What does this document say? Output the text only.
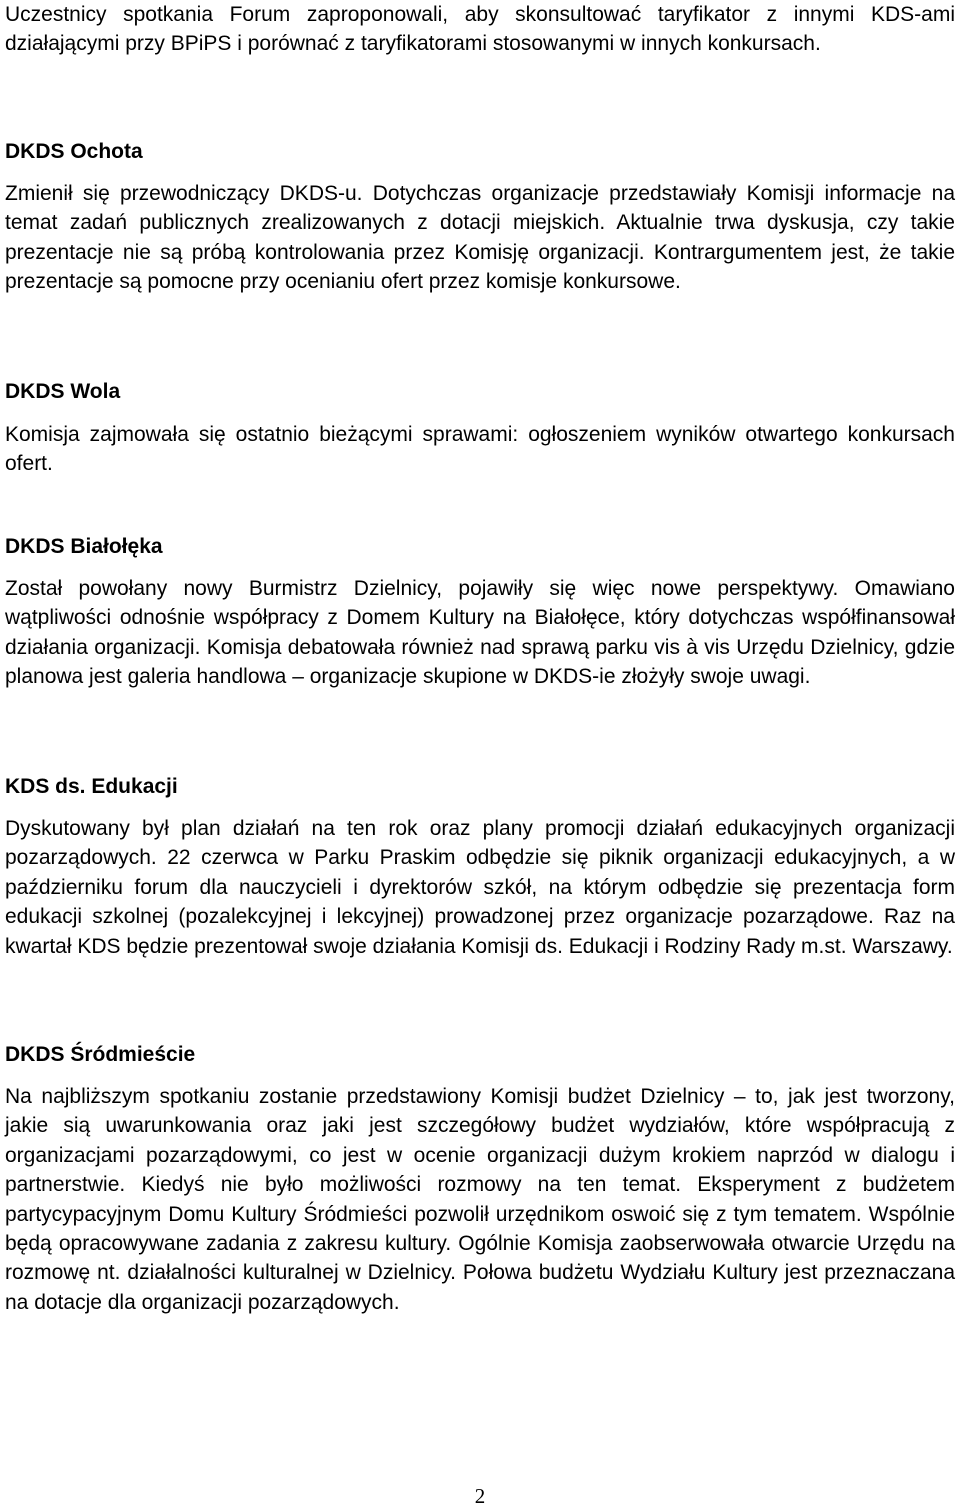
Uczestnicy spotkania Forum zaproponowali, aby skonsultować taryfikator z innymi KDS-ami działającymi przy BPiPS i porównać z taryfikatorami stosowanymi w innych konkursach.

DKDS Ochota

Zmienił się przewodniczący DKDS-u. Dotychczas organizacje przedstawiały Komisji informacje na temat zadań publicznych zrealizowanych z dotacji miejskich. Aktualnie trwa dyskusja, czy takie prezentacje nie są próbą kontrolowania przez Komisję organizacji. Kontrargumentem jest, że takie prezentacje są pomocne przy ocenianiu ofert przez komisje konkursowe.

DKDS Wola

Komisja zajmowała się ostatnio bieżącymi sprawami: ogłoszeniem wyników otwartego konkursach ofert.

DKDS Białołęka

Został powołany nowy Burmistrz Dzielnicy, pojawiły się więc nowe perspektywy. Omawiano wątpliwości odnośnie współpracy z Domem Kultury na Białołęce, który dotychczas współfinansował działania organizacji. Komisja debatowała również nad sprawą parku vis à vis Urzędu Dzielnicy, gdzie planowa jest galeria handlowa – organizacje skupione w DKDS-ie złożyły swoje uwagi.

KDS ds. Edukacji

Dyskutowany był plan działań na ten rok oraz plany promocji działań edukacyjnych organizacji pozarządowych. 22 czerwca w Parku Praskim odbędzie się piknik organizacji edukacyjnych, a w październiku forum dla nauczycieli i dyrektorów szkół, na którym odbędzie się prezentacja form edukacji szkolnej (pozalekcyjnej i lekcyjnej) prowadzonej przez organizacje pozarządowe. Raz na kwartał KDS będzie prezentował swoje działania Komisji ds. Edukacji i Rodziny Rady m.st. Warszawy.

DKDS Śródmieście

Na najbliższym spotkaniu zostanie przedstawiony Komisji budżet Dzielnicy – to, jak jest tworzony, jakie sią uwarunkowania oraz jaki jest szczegółowy budżet wydziałów, które współpracują z organizacjami pozarządowymi, co jest w ocenie organizacji dużym krokiem naprzód w dialogu i partnerstwie. Kiedyś nie było możliwości rozmowy na ten temat. Eksperyment z budżetem partycypacyjnym Domu Kultury Śródmieści pozwolił urzędnikom oswoić się z tym tematem. Wspólnie będą opracowywane zadania z zakresu kultury. Ogólnie Komisja zaobserwowała otwarcie Urzędu na rozmowę nt. działalności kulturalnej w Dzielnicy. Połowa budżetu Wydziału Kultury jest przeznaczana na dotacje dla organizacji pozarządowych.

2
